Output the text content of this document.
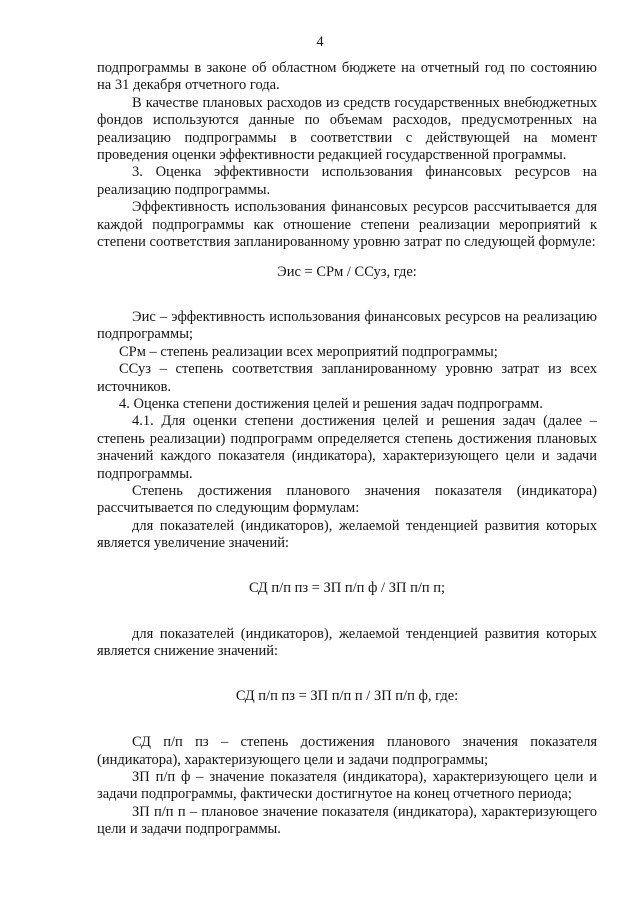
4

подпрограммы в законе об областном бюджете на отчетный год по состоянию на 31 декабря отчетного года.

В качестве плановых расходов из средств государственных внебюджетных фондов используются данные по объемам расходов, предусмотренных на реализацию подпрограммы в соответствии с действующей на момент проведения оценки эффективности редакцией государственной программы.

3. Оценка эффективности использования финансовых ресурсов на реализацию подпрограммы.

Эффективность использования финансовых ресурсов рассчитывается для каждой подпрограммы как отношение степени реализации мероприятий к степени соответствия запланированному уровню затрат по следующей формуле:

Эис = СРм / ССуз, где:

Эис – эффективность использования финансовых ресурсов на реализацию подпрограммы;

СРм – степень реализации всех мероприятий подпрограммы;

ССуз – степень соответствия запланированному уровню затрат из всех источников.

4. Оценка степени достижения целей и решения задач подпрограмм.

4.1. Для оценки степени достижения целей и решения задач (далее – степень реализации) подпрограмм определяется степень достижения плановых значений каждого показателя (индикатора), характеризующего цели и задачи подпрограммы.

Степень достижения планового значения показателя (индикатора) рассчитывается по следующим формулам:

для показателей (индикаторов), желаемой тенденцией развития которых является увеличение значений:

СД п/п пз = ЗП п/п ф / ЗП п/п п;

для показателей (индикаторов), желаемой тенденцией развития которых является снижение значений:

СД п/п пз = ЗП п/п п / ЗП п/п ф, где:

СД п/п пз – степень достижения планового значения показателя (индикатора), характеризующего цели и задачи подпрограммы;

ЗП п/п ф – значение показателя (индикатора), характеризующего цели и задачи подпрограммы, фактически достигнутое на конец отчетного периода;

ЗП п/п п – плановое значение показателя (индикатора), характеризующего цели и задачи подпрограммы.
